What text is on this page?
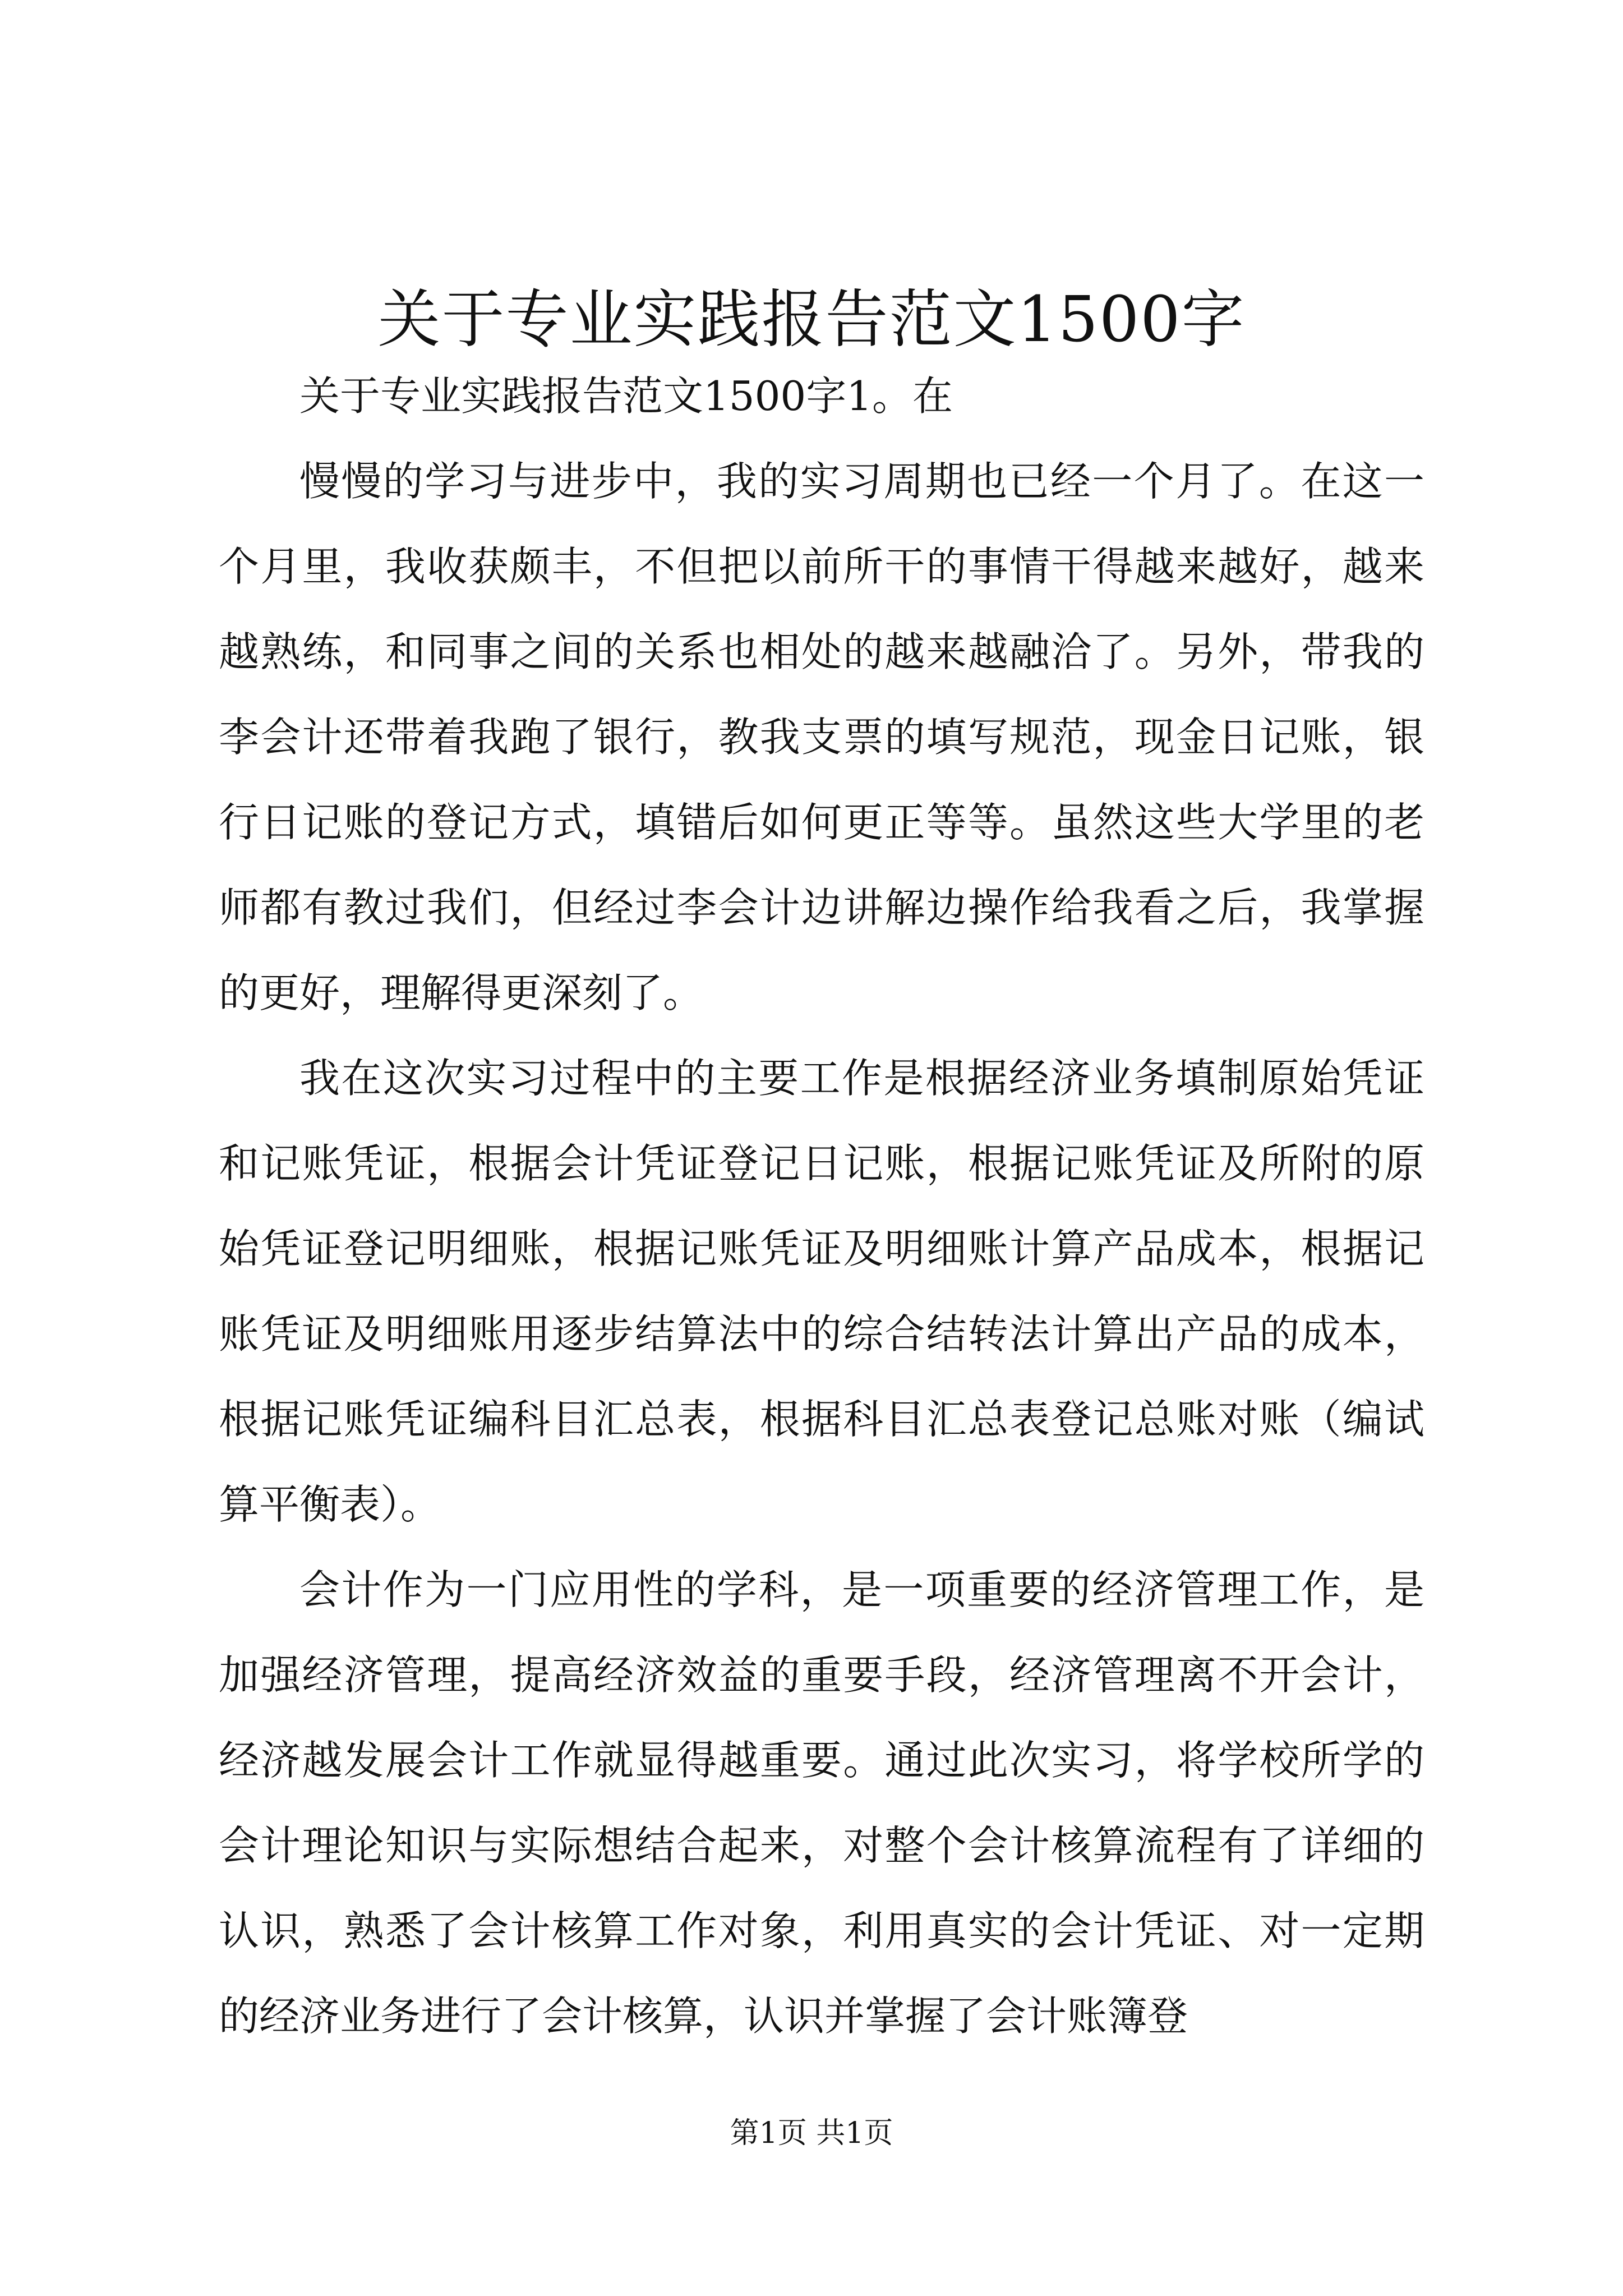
关于专业实践报告范文1500字

关于专业实践报告范文1500字1。在

慢慢的学习与进步中，我的实习周期也已经一个月了。在这一个月里，我收获颇丰，不但把以前所干的事情干得越来越好，越来越熟练，和同事之间的关系也相处的越来越融洽了。另外，带我的李会计还带着我跑了银行，教我支票的填写规范，现金日记账，银行日记账的登记方式，填错后如何更正等等。虽然这些大学里的老师都有教过我们，但经过李会计边讲解边操作给我看之后，我掌握的更好，理解得更深刻了。

我在这次实习过程中的主要工作是根据经济业务填制原始凭证和记账凭证，根据会计凭证登记日记账，根据记账凭证及所附的原始凭证登记明细账，根据记账凭证及明细账计算产品成本，根据记账凭证及明细账用逐步结算法中的综合结转法计算出产品的成本，根据记账凭证编科目汇总表，根据科目汇总表登记总账对账（编试算平衡表）。

会计作为一门应用性的学科，是一项重要的经济管理工作，是加强经济管理，提高经济效益的重要手段，经济管理离不开会计，经济越发展会计工作就显得越重要。通过此次实习，将学校所学的会计理论知识与实际想结合起来，对整个会计核算流程有了详细的认识，熟悉了会计核算工作对象，利用真实的会计凭证、对一定期的经济业务进行了会计核算，认识并掌握了会计账簿登

第1页 共1页
